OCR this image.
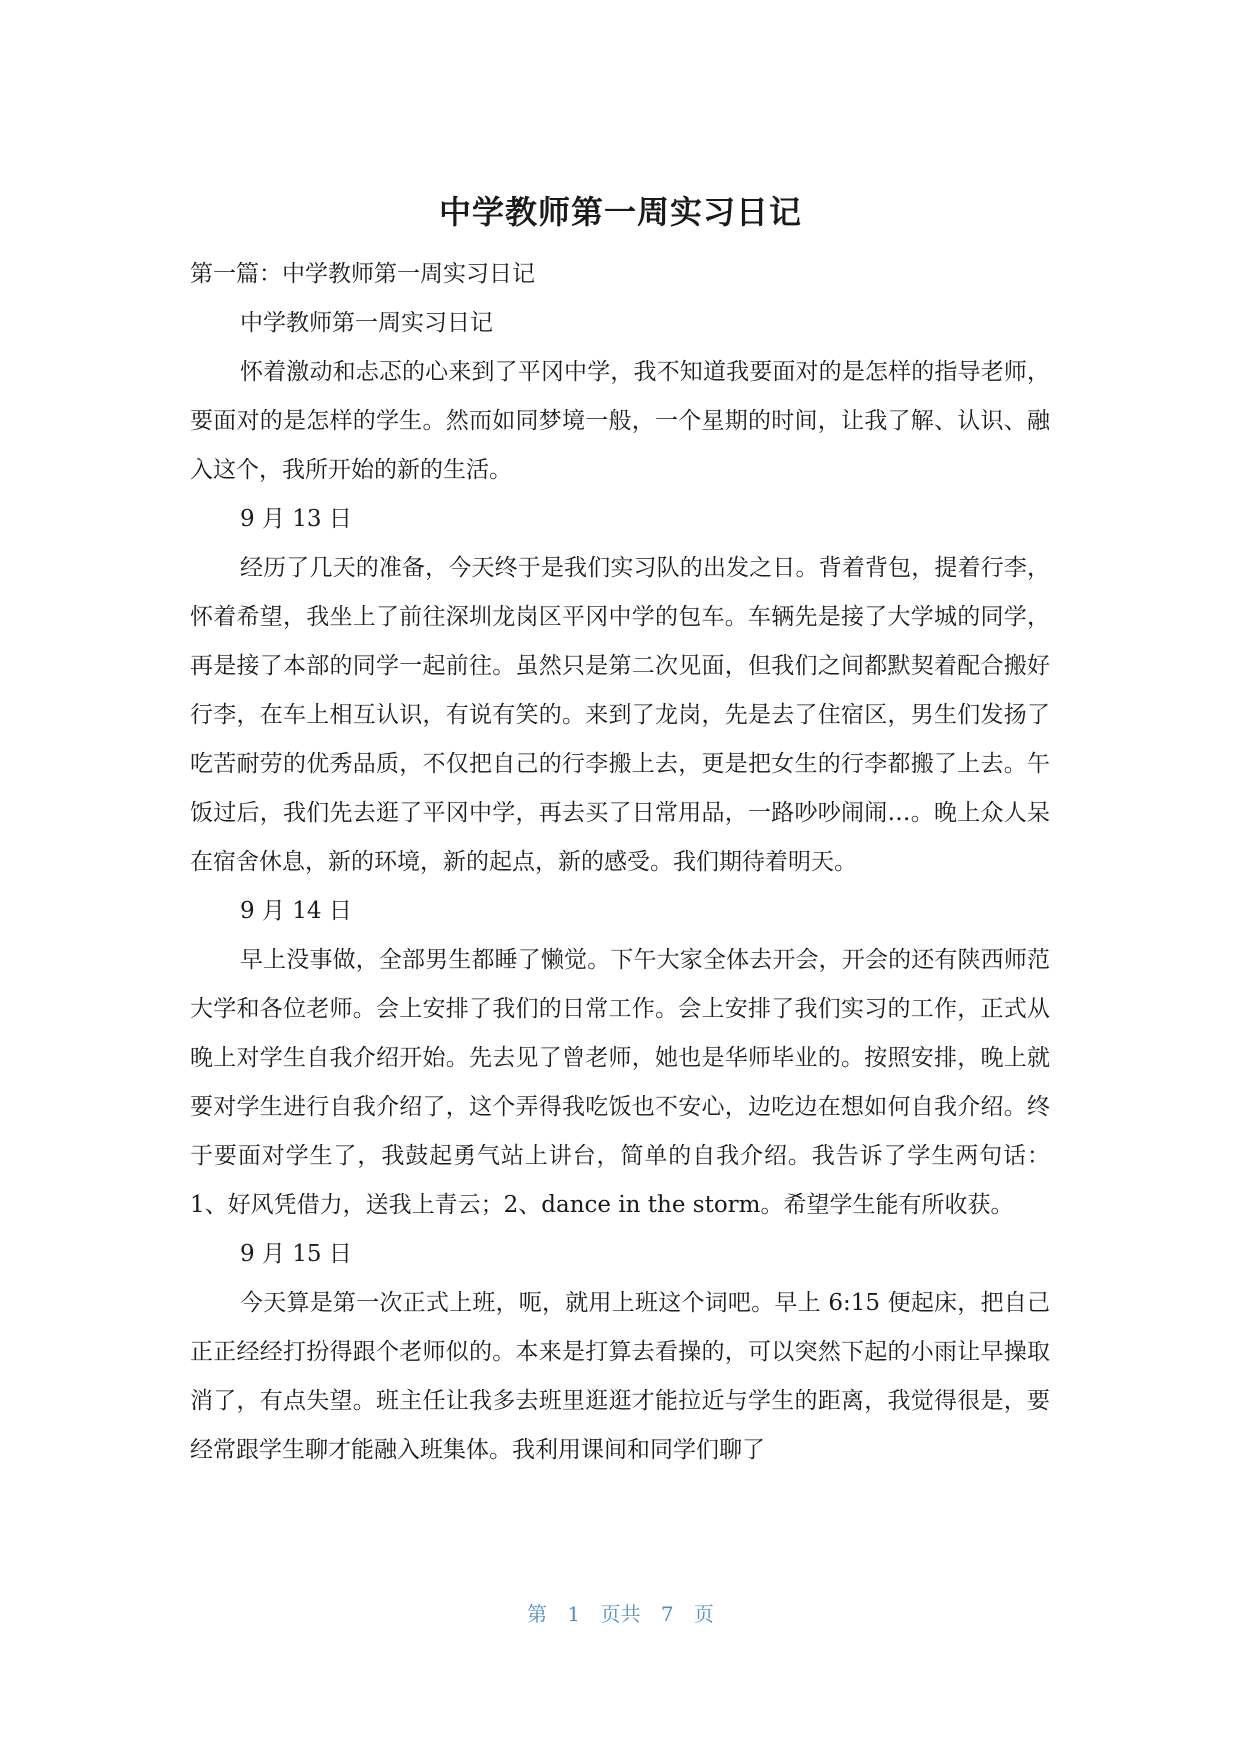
中学教师第一周实习日记

第一篇：中学教师第一周实习日记

中学教师第一周实习日记

怀着激动和忐忑的心来到了平冈中学，我不知道我要面对的是怎样的指导老师，要面对的是怎样的学生。然而如同梦境一般，一个星期的时间，让我了解、认识、融入这个，我所开始的新的生活。

9 月 13 日

经历了几天的准备，今天终于是我们实习队的出发之日。背着背包，提着行李，怀着希望，我坐上了前往深圳龙岗区平冈中学的包车。车辆先是接了大学城的同学，再是接了本部的同学一起前往。虽然只是第二次见面，但我们之间都默契着配合搬好行李，在车上相互认识，有说有笑的。来到了龙岗，先是去了住宿区，男生们发扬了吃苦耐劳的优秀品质，不仅把自己的行李搬上去，更是把女生的行李都搬了上去。午饭过后，我们先去逛了平冈中学，再去买了日常用品，一路吵吵闹闹…。晚上众人呆在宿舍休息，新的环境，新的起点，新的感受。我们期待着明天。

9 月 14 日

早上没事做，全部男生都睡了懒觉。下午大家全体去开会，开会的还有陕西师范大学和各位老师。会上安排了我们的日常工作。会上安排了我们实习的工作，正式从晚上对学生自我介绍开始。先去见了曾老师，她也是华师毕业的。按照安排，晚上就要对学生进行自我介绍了，这个弄得我吃饭也不安心，边吃边在想如何自我介绍。终于要面对学生了，我鼓起勇气站上讲台，简单的自我介绍。我告诉了学生两句话：1、好风凭借力，送我上青云；2、dance in the storm。希望学生能有所收获。

9 月 15 日

今天算是第一次正式上班，呃，就用上班这个词吧。早上 6:15 便起床，把自己正正经经打扮得跟个老师似的。本来是打算去看操的，可以突然下起的小雨让早操取消了，有点失望。班主任让我多去班里逛逛才能拉近与学生的距离，我觉得很是，要经常跟学生聊才能融入班集体。我利用课间和同学们聊了

第 1 页共 7 页
